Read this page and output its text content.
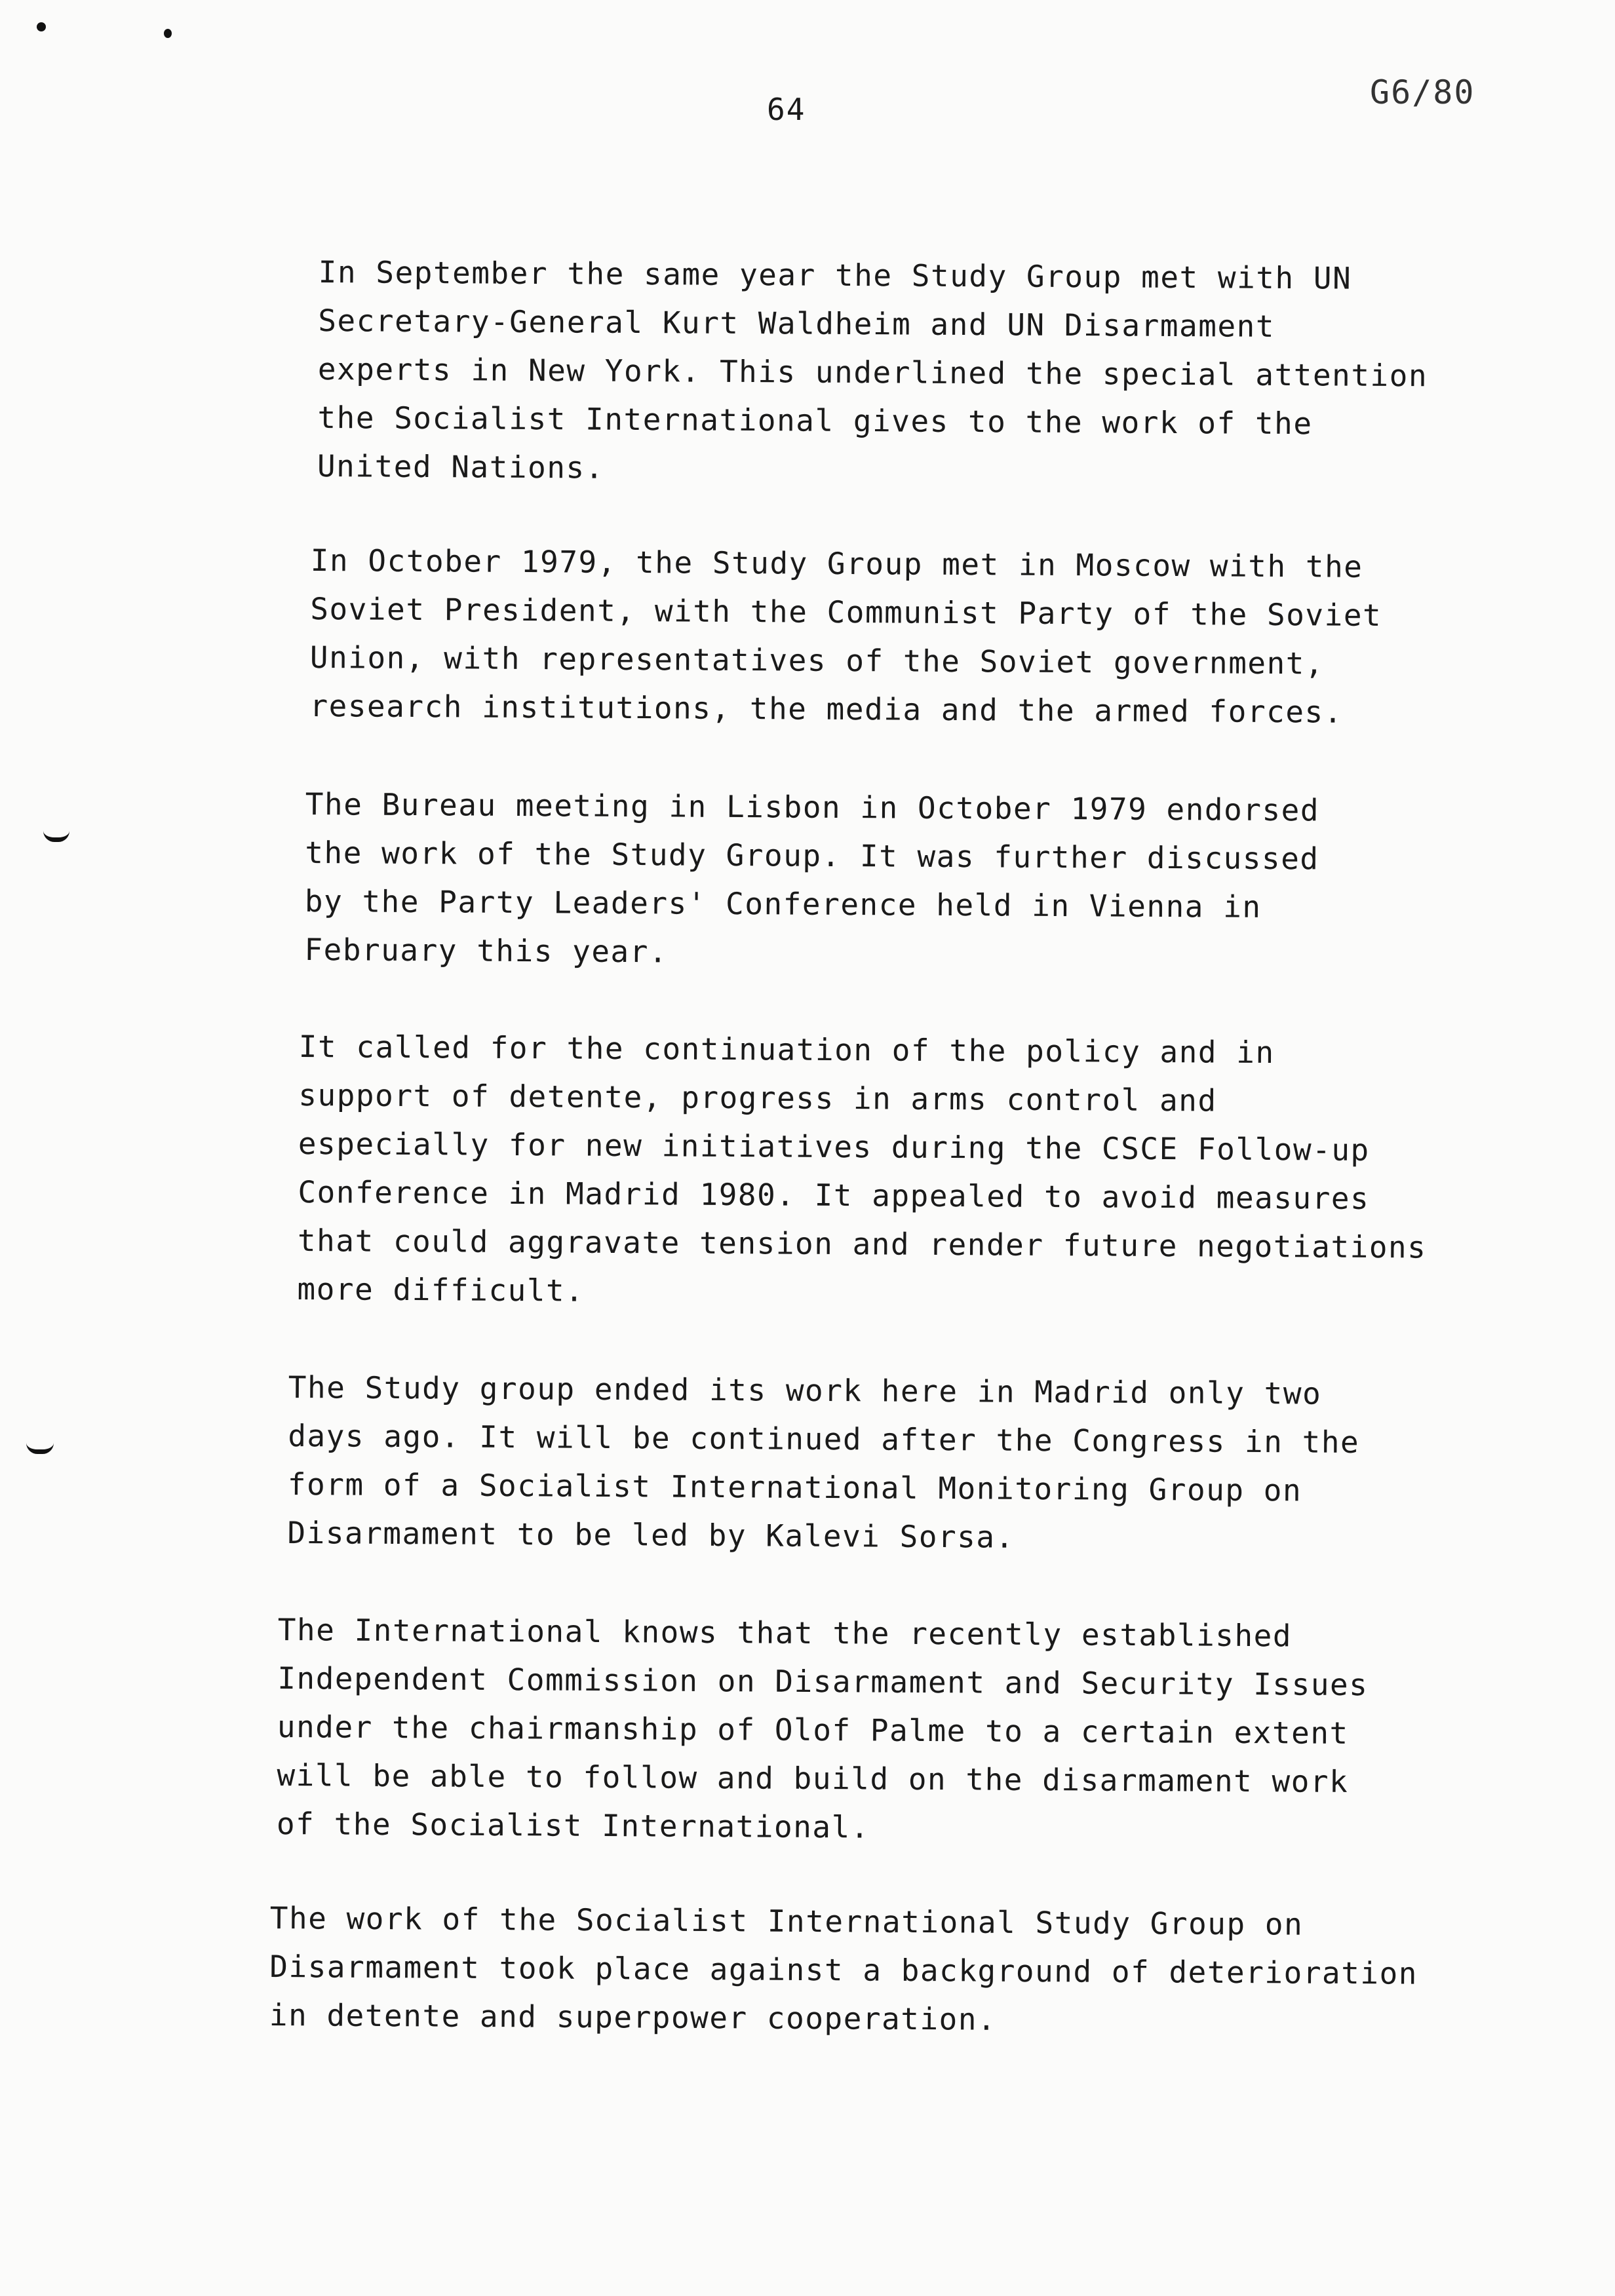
64	G6/80

In September the same year the Study Group met with UN
Secretary-General Kurt Waldheim and UN Disarmament
experts in New York. This underlined the special attention
the Socialist International gives to the work of the
United Nations.

In October 1979, the Study Group met in Moscow with the
Soviet President, with the Communist Party of the Soviet
Union, with representatives of the Soviet government,
research institutions, the media and the armed forces.

The Bureau meeting in Lisbon in October 1979 endorsed
the work of the Study Group. It was further discussed
by the Party Leaders' Conference held in Vienna in
February this year.

It called for the continuation of the policy and in
support of detente, progress in arms control and
especially for new initiatives during the CSCE Follow-up
Conference in Madrid 1980. It appealed to avoid measures
that could aggravate tension and render future negotiations
more difficult.

The Study group ended its work here in Madrid only two
days ago. It will be continued after the Congress in the
form of a Socialist International Monitoring Group on
Disarmament to be led by Kalevi Sorsa.

The International knows that the recently established
Independent Commission on Disarmament and Security Issues
under the chairmanship of Olof Palme to a certain extent
will be able to follow and build on the disarmament work
of the Socialist International.

The work of the Socialist International Study Group on
Disarmament took place against a background of deterioration
in detente and superpower cooperation.
